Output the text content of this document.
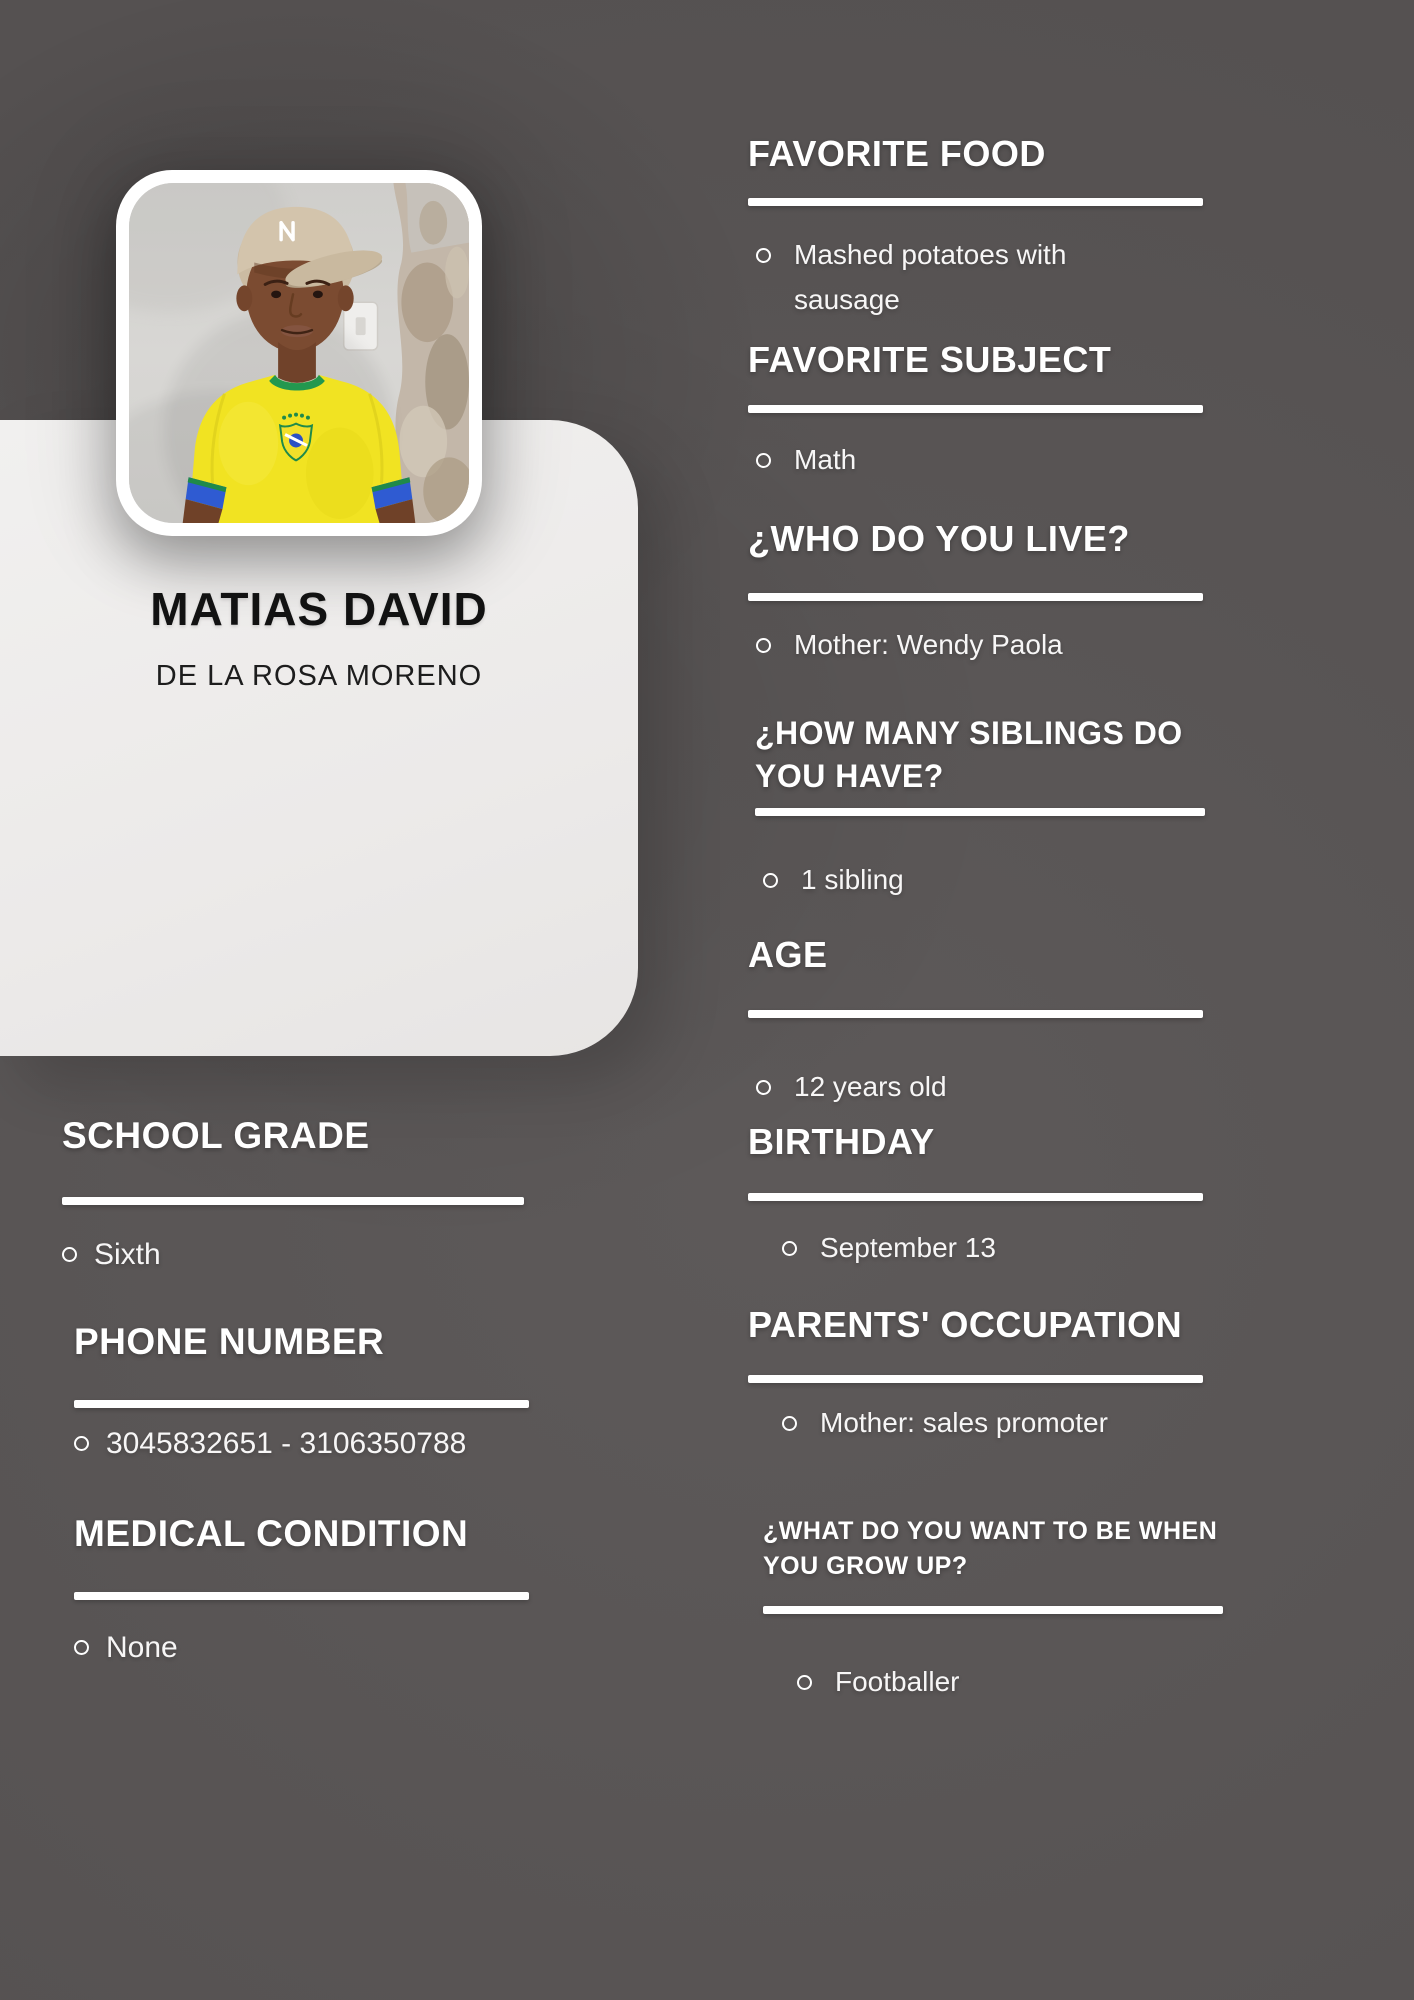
MATIAS DAVID
DE LA ROSA MORENO
SCHOOL GRADE
Sixth
PHONE NUMBER
3045832651 - 3106350788
MEDICAL CONDITION
None
FAVORITE FOOD
Mashed potatoes with sausage
FAVORITE SUBJECT
Math
¿WHO DO YOU LIVE?
Mother: Wendy Paola
¿HOW MANY SIBLINGS DO YOU HAVE?
1 sibling
AGE
12 years old
BIRTHDAY
September 13
PARENTS' OCCUPATION
Mother: sales promoter
¿WHAT DO YOU WANT TO BE WHEN YOU GROW UP?
Footballer
